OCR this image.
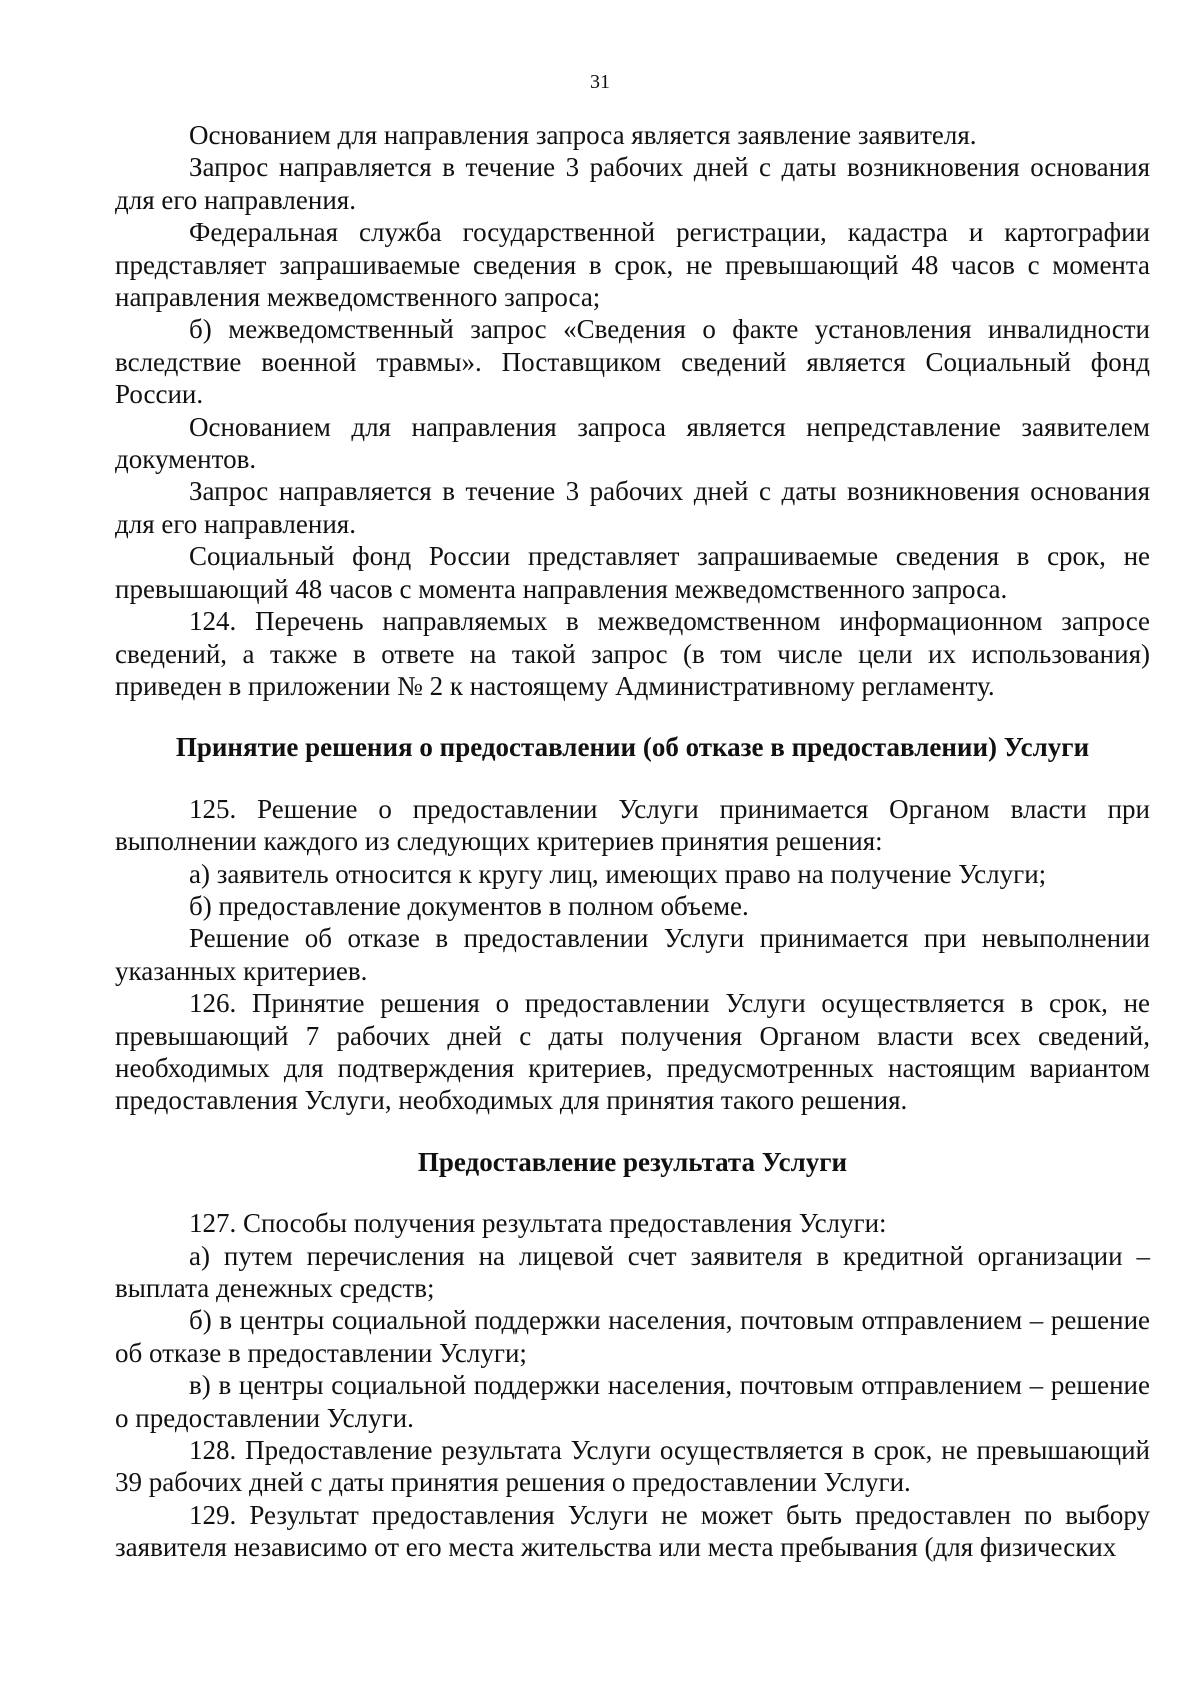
31

Основанием для направления запроса является заявление заявителя.

Запрос направляется в течение 3 рабочих дней с даты возникновения основания для его направления.

Федеральная служба государственной регистрации, кадастра и картографии представляет запрашиваемые сведения в срок, не превышающий 48 часов с момента направления межведомственного запроса;

б) межведомственный запрос «Сведения о факте установления инвалидности вследствие военной травмы». Поставщиком сведений является Социальный фонд России.

Основанием для направления запроса является непредставление заявителем документов.

Запрос направляется в течение 3 рабочих дней с даты возникновения основания для его направления.

Социальный фонд России представляет запрашиваемые сведения в срок, не превышающий 48 часов с момента направления межведомственного запроса.

124. Перечень направляемых в межведомственном информационном запросе сведений, а также в ответе на такой запрос (в том числе цели их использования) приведен в приложении № 2 к настоящему Административному регламенту.

Принятие решения о предоставлении (об отказе в предоставлении) Услуги

125. Решение о предоставлении Услуги принимается Органом власти при выполнении каждого из следующих критериев принятия решения:

а) заявитель относится к кругу лиц, имеющих право на получение Услуги;

б) предоставление документов в полном объеме.

Решение об отказе в предоставлении Услуги принимается при невыполнении указанных критериев.

126. Принятие решения о предоставлении Услуги осуществляется в срок, не превышающий 7 рабочих дней с даты получения Органом власти всех сведений, необходимых для подтверждения критериев, предусмотренных настоящим вариантом предоставления Услуги, необходимых для принятия такого решения.

Предоставление результата Услуги

127. Способы получения результата предоставления Услуги:

а) путем перечисления на лицевой счет заявителя в кредитной организации – выплата денежных средств;

б) в центры социальной поддержки населения, почтовым отправлением – решение об отказе в предоставлении Услуги;

в) в центры социальной поддержки населения, почтовым отправлением – решение о предоставлении Услуги.

128. Предоставление результата Услуги осуществляется в срок, не превышающий 39 рабочих дней с даты принятия решения о предоставлении Услуги.

129. Результат предоставления Услуги не может быть предоставлен по выбору заявителя независимо от его места жительства или места пребывания (для физических
